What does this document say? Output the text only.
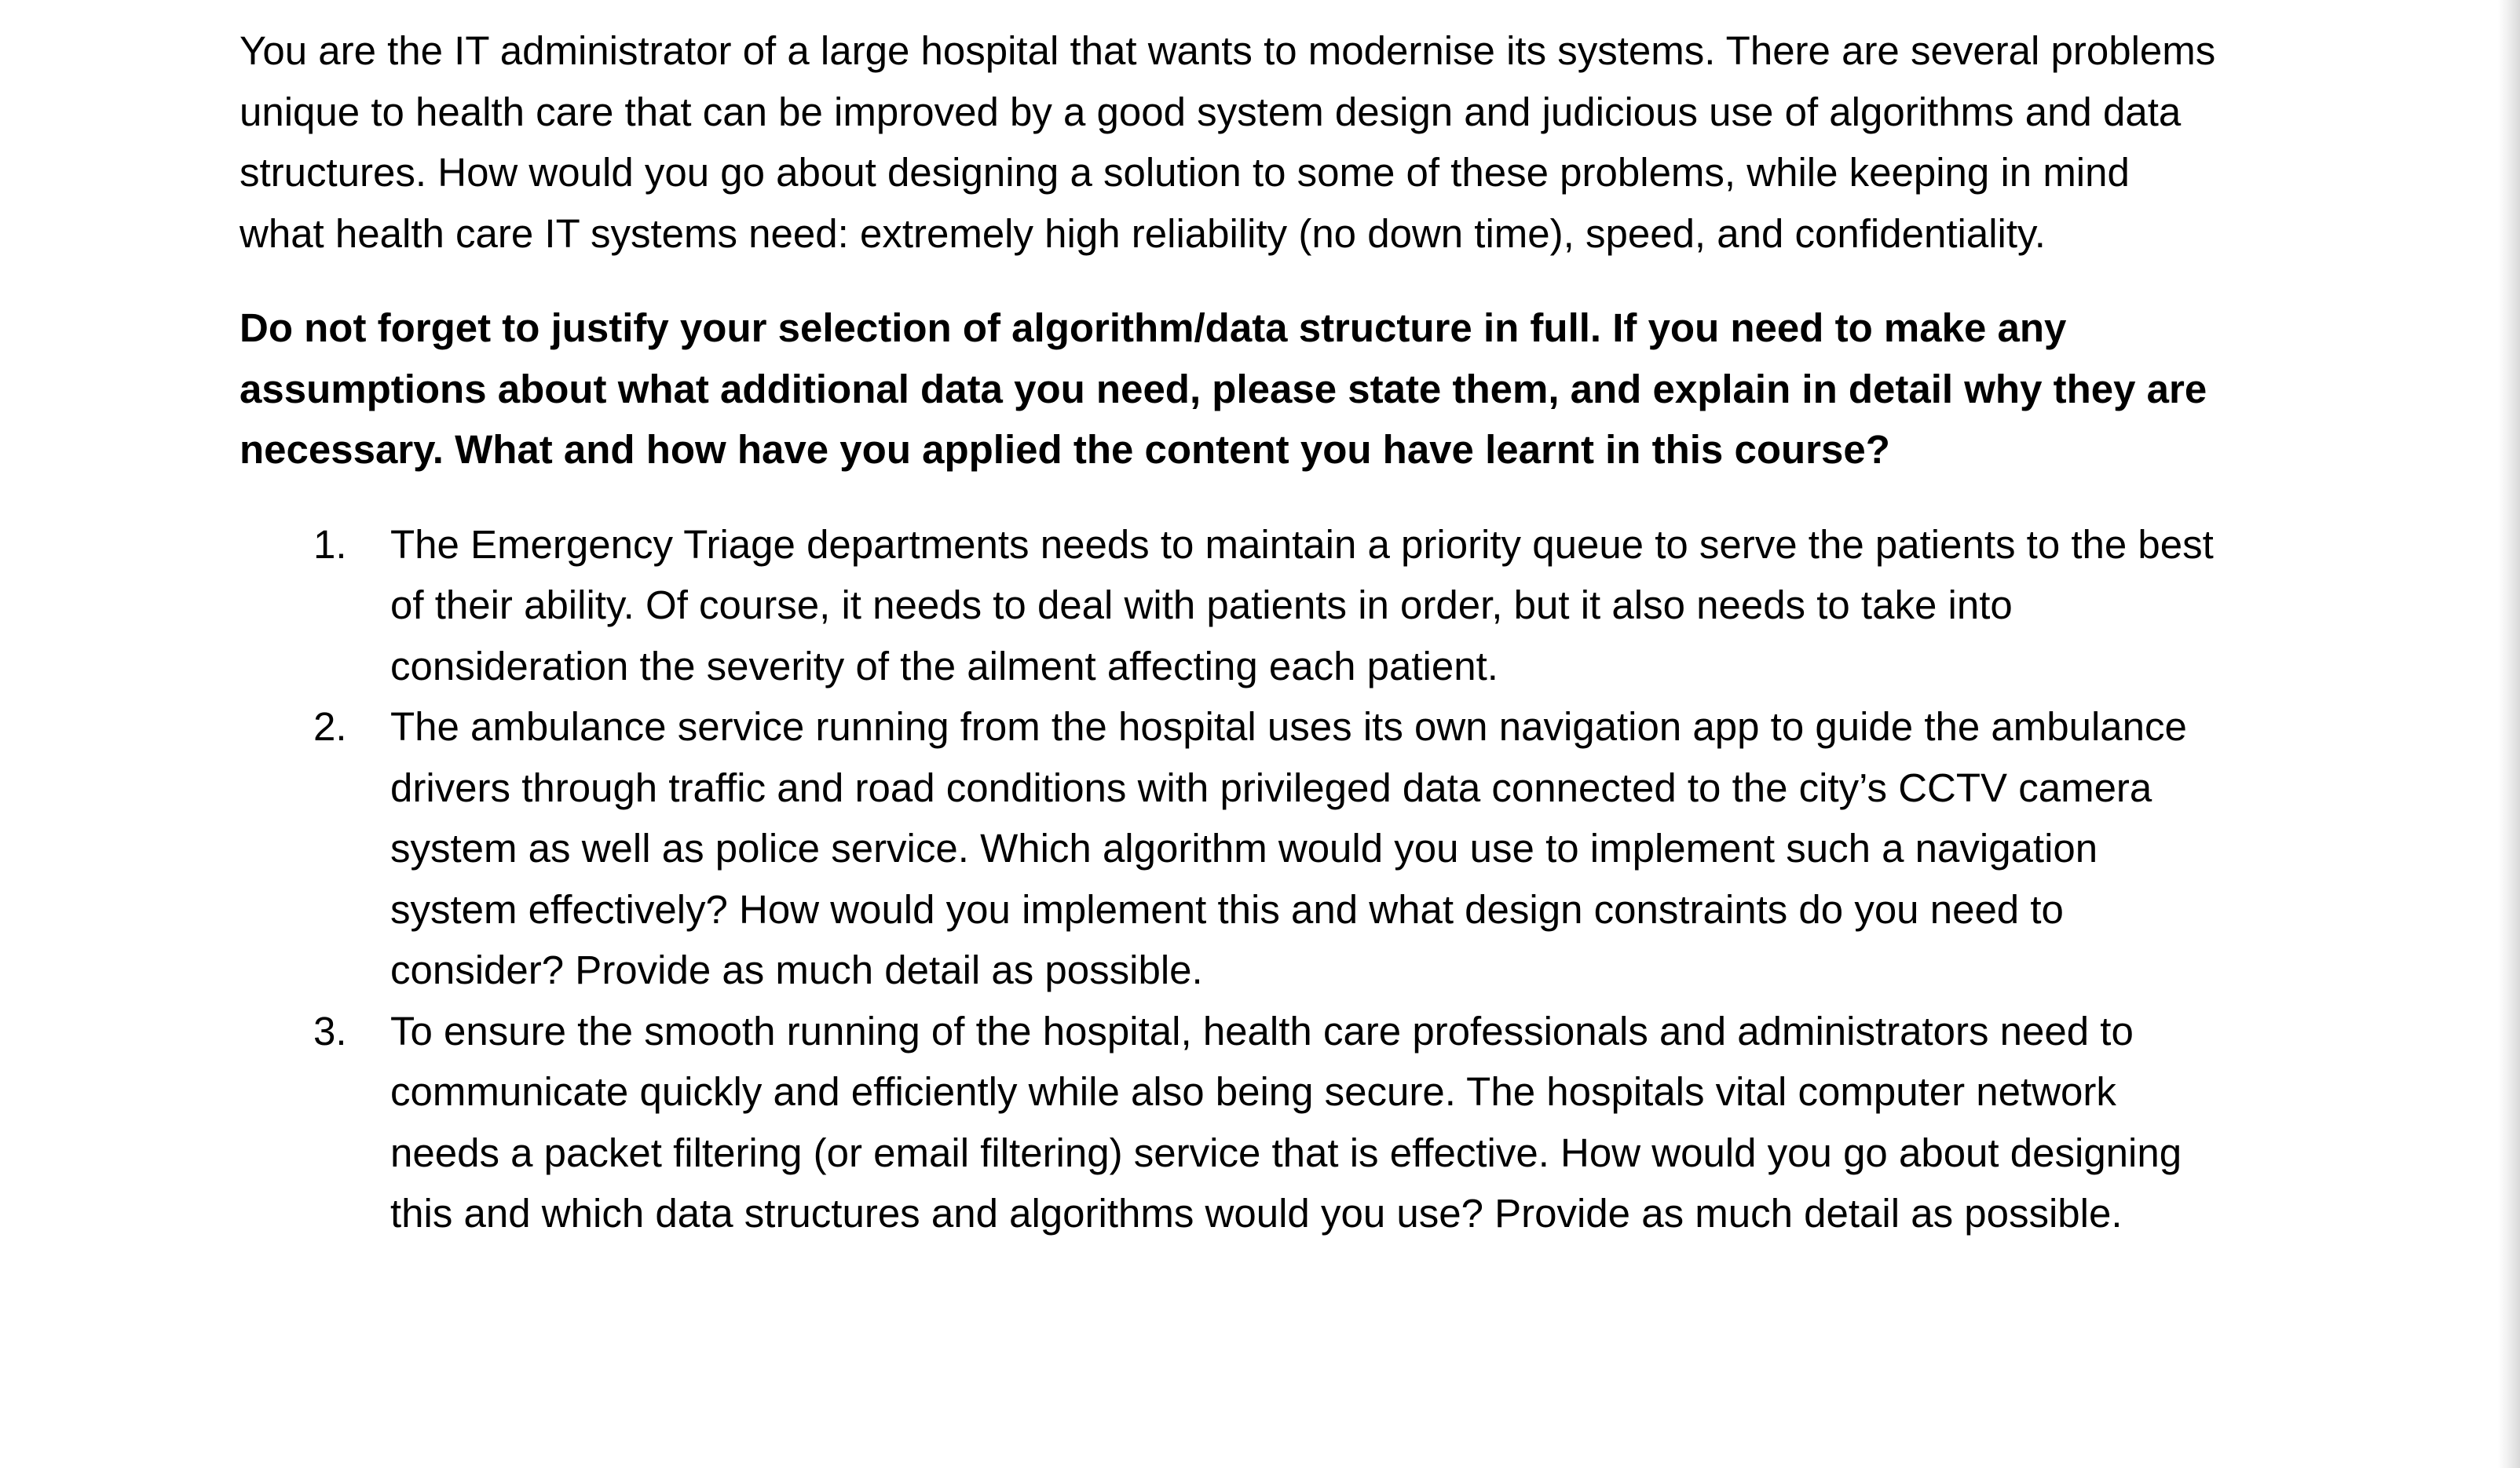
You are the IT administrator of a large hospital that wants to modernise its systems. There are several problems unique to health care that can be improved by a good system design and judicious use of algorithms and data structures. How would you go about designing a solution to some of these problems, while keeping in mind what health care IT systems need: extremely high reliability (no down time), speed, and confidentiality.

Do not forget to justify your selection of algorithm/data structure in full. If you need to make any assumptions about what additional data you need, please state them, and explain in detail why they are necessary. What and how have you applied the content you have learnt in this course?

1. The Emergency Triage departments needs to maintain a priority queue to serve the patients to the best of their ability. Of course, it needs to deal with patients in order, but it also needs to take into consideration the severity of the ailment affecting each patient.
2. The ambulance service running from the hospital uses its own navigation app to guide the ambulance drivers through traffic and road conditions with privileged data connected to the city’s CCTV camera system as well as police service. Which algorithm would you use to implement such a navigation system effectively? How would you implement this and what design constraints do you need to consider? Provide as much detail as possible.
3. To ensure the smooth running of the hospital, health care professionals and administrators need to communicate quickly and efficiently while also being secure. The hospitals vital computer network needs a packet filtering (or email filtering) service that is effective. How would you go about designing this and which data structures and algorithms would you use? Provide as much detail as possible.
